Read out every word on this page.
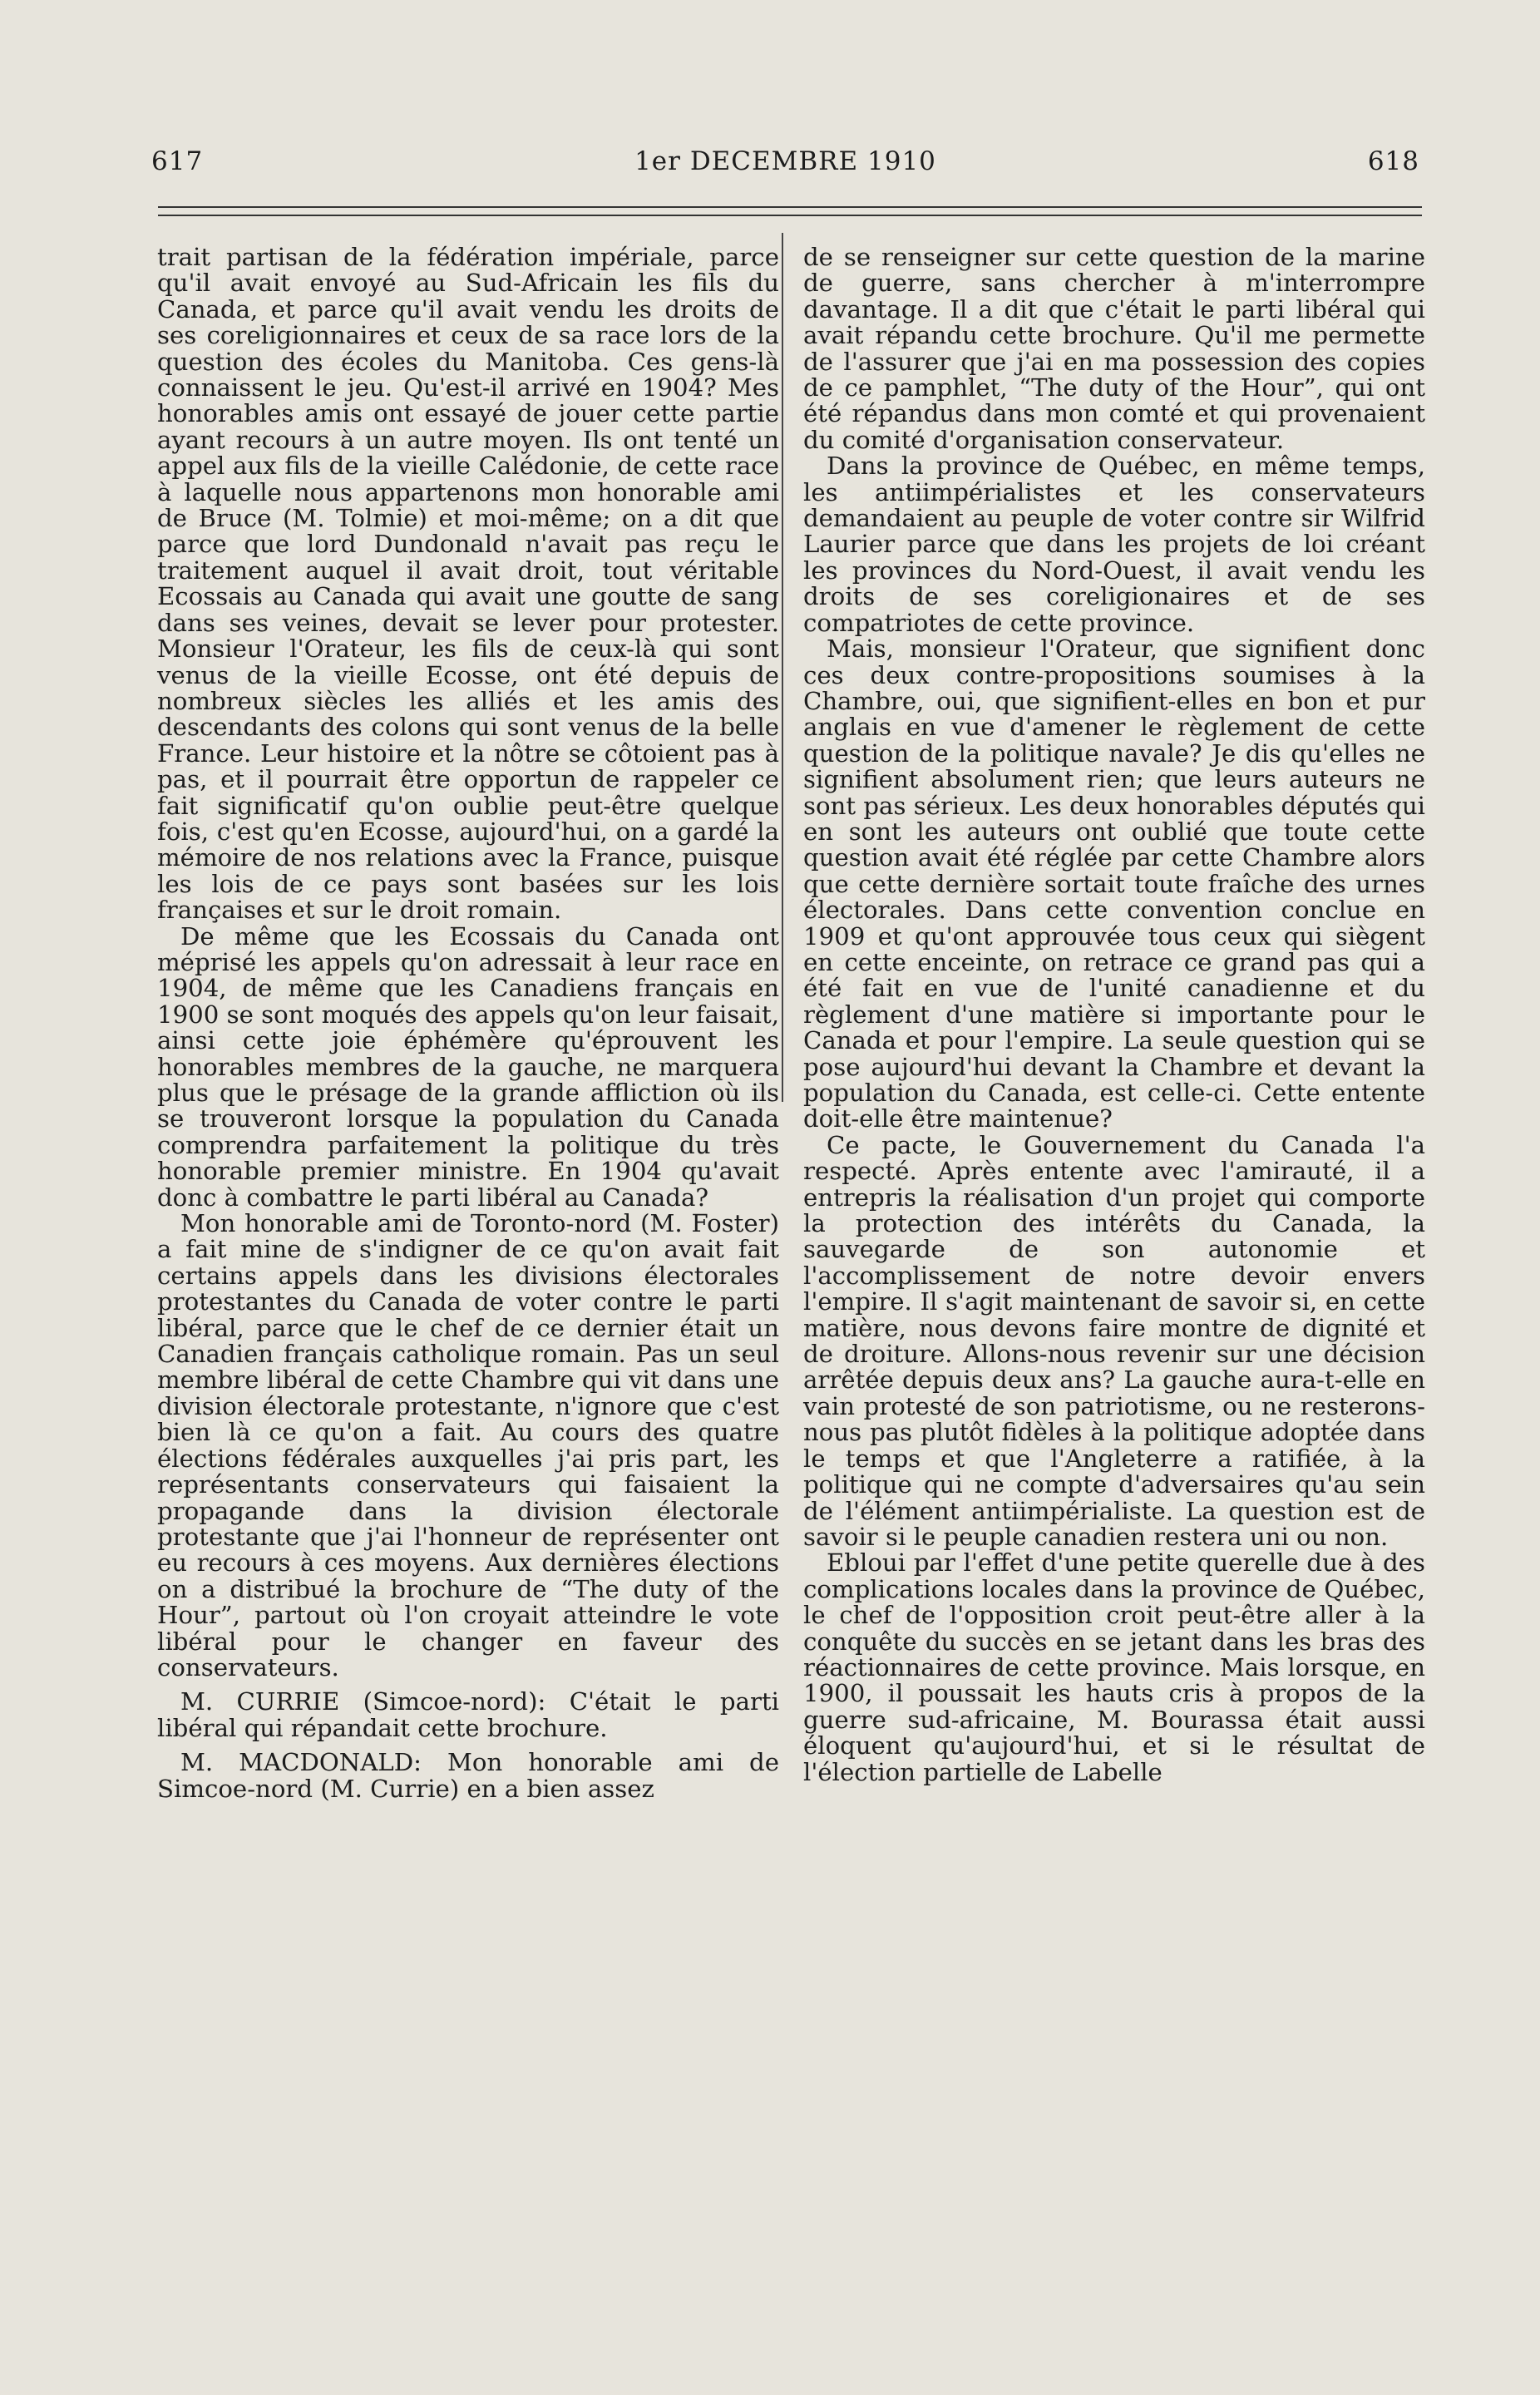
617	1er DECEMBRE 1910	618

trait partisan de la fédération impériale, parce qu'il avait envoyé au Sud-Africain les fils du Canada, et parce qu'il avait vendu les droits de ses coreligionnaires et ceux de sa race lors de la question des écoles du Manitoba. Ces gens-là connaissent le jeu. Qu'est-il arrivé en 1904? Mes honorables amis ont essayé de jouer cette partie ayant recours à un autre moyen. Ils ont tenté un appel aux fils de la vieille Calédonie, de cette race à laquelle nous appartenons mon honorable ami de Bruce (M. Tolmie) et moi-même; on a dit que parce que lord Dundonald n'avait pas reçu le traitement auquel il avait droit, tout véritable Ecossais au Canada qui avait une goutte de sang dans ses veines, devait se lever pour protester. Monsieur l'Orateur, les fils de ceux-là qui sont venus de la vieille Ecosse, ont été depuis de nombreux siècles les alliés et les amis des descendants des colons qui sont venus de la belle France. Leur histoire et la nôtre se côtoient pas à pas, et il pourrait être opportun de rappeler ce fait significatif qu'on oublie peut-être quelque fois, c'est qu'en Ecosse, aujourd'hui, on a gardé la mémoire de nos relations avec la France, puisque les lois de ce pays sont basées sur les lois françaises et sur le droit romain.

De même que les Ecossais du Canada ont méprisé les appels qu'on adressait à leur race en 1904, de même que les Canadiens français en 1900 se sont moqués des appels qu'on leur faisait, ainsi cette joie éphémère qu'éprouvent les honorables membres de la gauche, ne marquera plus que le présage de la grande affliction où ils se trouveront lorsque la population du Canada comprendra parfaitement la politique du très honorable premier ministre. En 1904 qu'avait donc à combattre le parti libéral au Canada?

Mon honorable ami de Toronto-nord (M. Foster) a fait mine de s'indigner de ce qu'on avait fait certains appels dans les divisions électorales protestantes du Canada de voter contre le parti libéral, parce que le chef de ce dernier était un Canadien français catholique romain. Pas un seul membre libéral de cette Chambre qui vit dans une division électorale protestante, n'ignore que c'est bien là ce qu'on a fait. Au cours des quatre élections fédérales auxquelles j'ai pris part, les représentants conservateurs qui faisaient la propagande dans la division électorale protestante que j'ai l'honneur de représenter ont eu recours à ces moyens. Aux dernières élections on a distribué la brochure de “The duty of the Hour”, partout où l'on croyait atteindre le vote libéral pour le changer en faveur des conservateurs.

M. CURRIE (Simcoe-nord): C'était le parti libéral qui répandait cette brochure.

M. MACDONALD: Mon honorable ami de Simcoe-nord (M. Currie) en a bien assez

de se renseigner sur cette question de la marine de guerre, sans chercher à m'interrompre davantage. Il a dit que c'était le parti libéral qui avait répandu cette brochure. Qu'il me permette de l'assurer que j'ai en ma possession des copies de ce pamphlet, “The duty of the Hour”, qui ont été répandus dans mon comté et qui provenaient du comité d'organisation conservateur.

Dans la province de Québec, en même temps, les antiimpérialistes et les conservateurs demandaient au peuple de voter contre sir Wilfrid Laurier parce que dans les projets de loi créant les provinces du Nord-Ouest, il avait vendu les droits de ses coreligionaires et de ses compatriotes de cette province.

Mais, monsieur l'Orateur, que signifient donc ces deux contre-propositions soumises à la Chambre, oui, que signifient-elles en bon et pur anglais en vue d'amener le règlement de cette question de la politique navale? Je dis qu'elles ne signifient absolument rien; que leurs auteurs ne sont pas sérieux. Les deux honorables députés qui en sont les auteurs ont oublié que toute cette question avait été réglée par cette Chambre alors que cette dernière sortait toute fraîche des urnes électorales. Dans cette convention conclue en 1909 et qu'ont approuvée tous ceux qui siègent en cette enceinte, on retrace ce grand pas qui a été fait en vue de l'unité canadienne et du règlement d'une matière si importante pour le Canada et pour l'empire. La seule question qui se pose aujourd'hui devant la Chambre et devant la population du Canada, est celle-ci. Cette entente doit-elle être maintenue?

Ce pacte, le Gouvernement du Canada l'a respecté. Après entente avec l'amirauté, il a entrepris la réalisation d'un projet qui comporte la protection des intérêts du Canada, la sauvegarde de son autonomie et l'accomplissement de notre devoir envers l'empire. Il s'agit maintenant de savoir si, en cette matière, nous devons faire montre de dignité et de droiture. Allons-nous revenir sur une décision arrêtée depuis deux ans? La gauche aura-t-elle en vain protesté de son patriotisme, ou ne resterons-nous pas plutôt fidèles à la politique adoptée dans le temps et que l'Angleterre a ratifiée, à la politique qui ne compte d'adversaires qu'au sein de l'élément antiimpérialiste. La question est de savoir si le peuple canadien restera uni ou non.

Ebloui par l'effet d'une petite querelle due à des complications locales dans la province de Québec, le chef de l'opposition croit peut-être aller à la conquête du succès en se jetant dans les bras des réactionnaires de cette province. Mais lorsque, en 1900, il poussait les hauts cris à propos de la guerre sud-africaine, M. Bourassa était aussi éloquent qu'aujourd'hui, et si le résultat de l'élection partielle de Labelle
